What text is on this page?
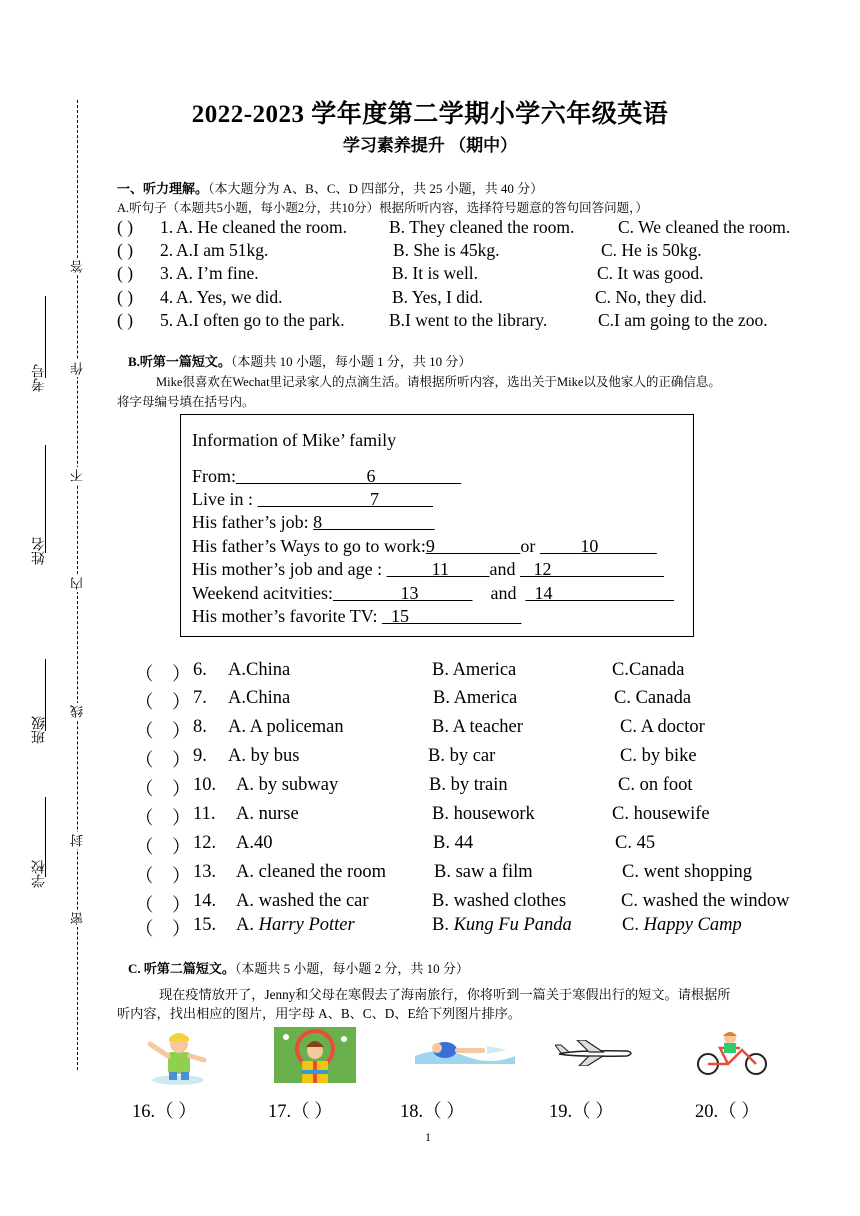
2022-2023 学年度第二学期小学六年级英语
学习素养提升 （期中）
答
作
不
内
线
封
密
考号
姓名
班级
学校
一、听力理解。（本大题分为 A、B、C、D 四部分，共 25 小题，共 40 分）
A.听句子（本题共5小题，每小题2分，共10分）根据所听内容，选择符号题意的答句回答问题，）
( ) 1. A. He cleaned the room. B. They cleaned the room. C. We cleaned the room.
( ) 2. A.I am 51kg.	B. She is 45kg.	C. He is 50kg.
( ) 3. A. I’m fine.	B. It is well.	C. It was good.
( ) 4. A. Yes, we did.	B. Yes, I did.	C. No, they did.
( ) 5. A.I often go to the park.	B.I went to the library.	C.I am going to the zoo.
B.听第一篇短文。（本题共 10 小题，每小题 1 分，共 10 分）
Mike很喜欢在Wechat里记录家人的点滴生活。请根据所听内容，选出关于Mike以及他家人的正确信息。
将字母编号填在括号内。
Information of Mike’ family
From:	6
Live in :	7
His father’s job: 8
His father’s Ways to go to work:9	or	10
His mother’s job and age :	11 and 12
Weekend acitvities:	13	and 14
His mother’s favorite TV:   15
（    ） 6. A.China	B. America	C.Canada
（    ） 7. A.China	B. America	C. Canada
（    ） 8. A. A policeman	B. A teacher	C. A doctor
（    ） 9. A. by bus	B. by car	C. by bike
（    ） 10. A. by subway	B. by train	C. on foot
（    ） 11. A. nurse	B. housework	C. housewife
（    ） 12. A.40	B. 44	C. 45
（    ） 13. A. cleaned the room	B. saw a film	C. went shopping
（    ） 14. A. washed the car	B. washed clothes	C. washed the window
（    ） 15. A. Harry Potter	B. Kung Fu Panda	C. Happy Camp
C. 听第二篇短文。（本题共 5 小题，每小题 2 分，共 10 分）
现在疫情放开了，Jenny和父母在寒假去了海南旅行，你将听到一篇关于寒假出行的短文。请根据所
听内容，找出相应的图片，用字母 A、B、C、D、E给下列图片排序。
16.（ ）	17.（ ）	18.（ ）	19.（ ）	20.（ ）
1
